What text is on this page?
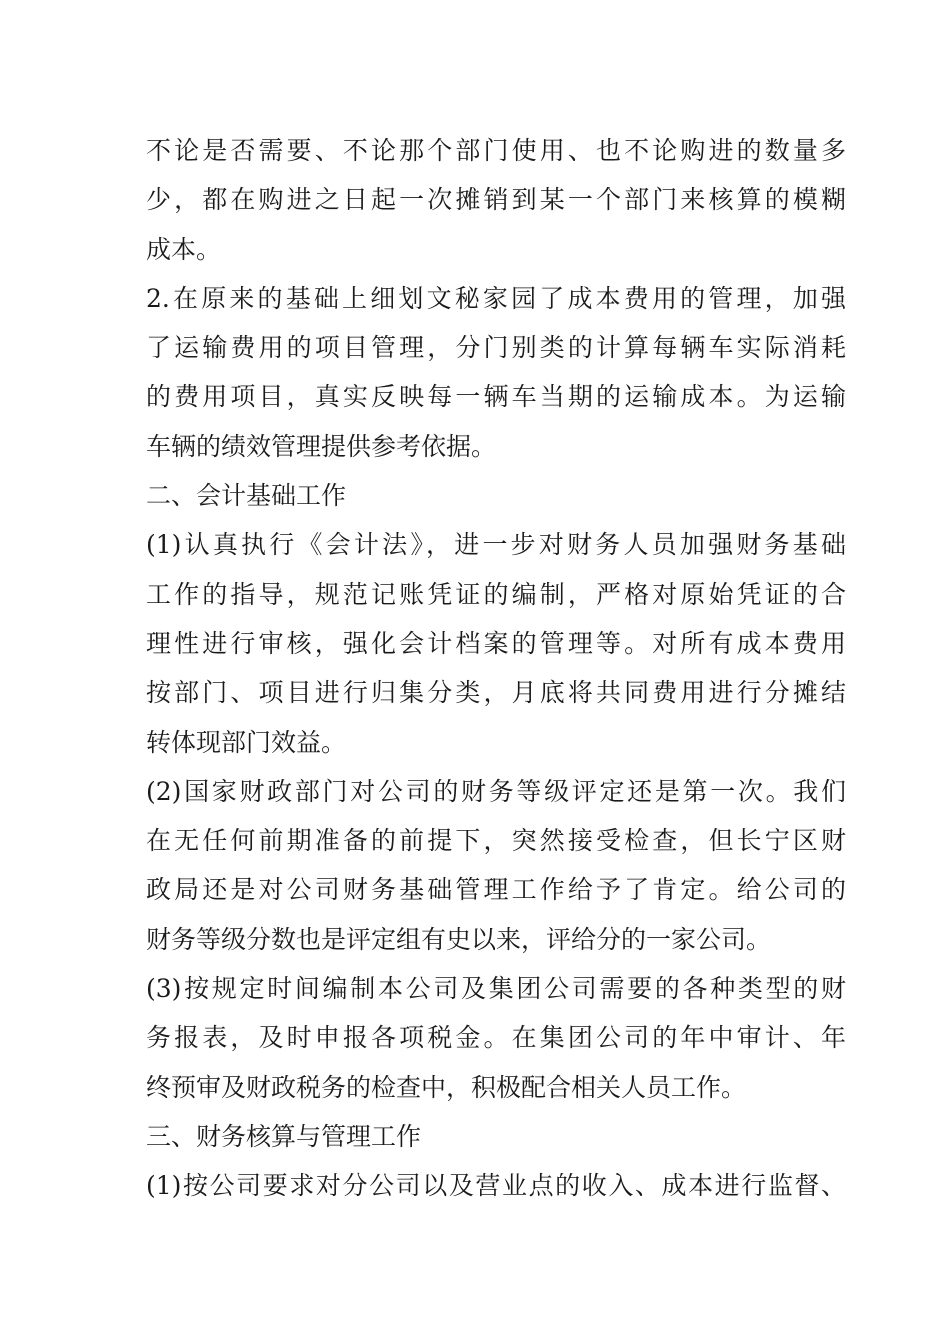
不论是否需要、不论那个部门使用、也不论购进的数量多
少，都在购进之日起一次摊销到某一个部门来核算的模糊
成本。
2.在原来的基础上细划文秘家园了成本费用的管理，加强
了运输费用的项目管理，分门别类的计算每辆车实际消耗
的费用项目，真实反映每一辆车当期的运输成本。为运输
车辆的绩效管理提供参考依据。
二、会计基础工作
(1)认真执行《会计法》，进一步对财务人员加强财务基础
工作的指导，规范记账凭证的编制，严格对原始凭证的合
理性进行审核，强化会计档案的管理等。对所有成本费用
按部门、项目进行归集分类，月底将共同费用进行分摊结
转体现部门效益。
(2)国家财政部门对公司的财务等级评定还是第一次。我们
在无任何前期准备的前提下，突然接受检查，但长宁区财
政局还是对公司财务基础管理工作给予了肯定。给公司的
财务等级分数也是评定组有史以来，评给分的一家公司。
(3)按规定时间编制本公司及集团公司需要的各种类型的财
务报表，及时申报各项税金。在集团公司的年中审计、年
终预审及财政税务的检查中，积极配合相关人员工作。
三、财务核算与管理工作
(1)按公司要求对分公司以及营业点的收入、成本进行监督、
